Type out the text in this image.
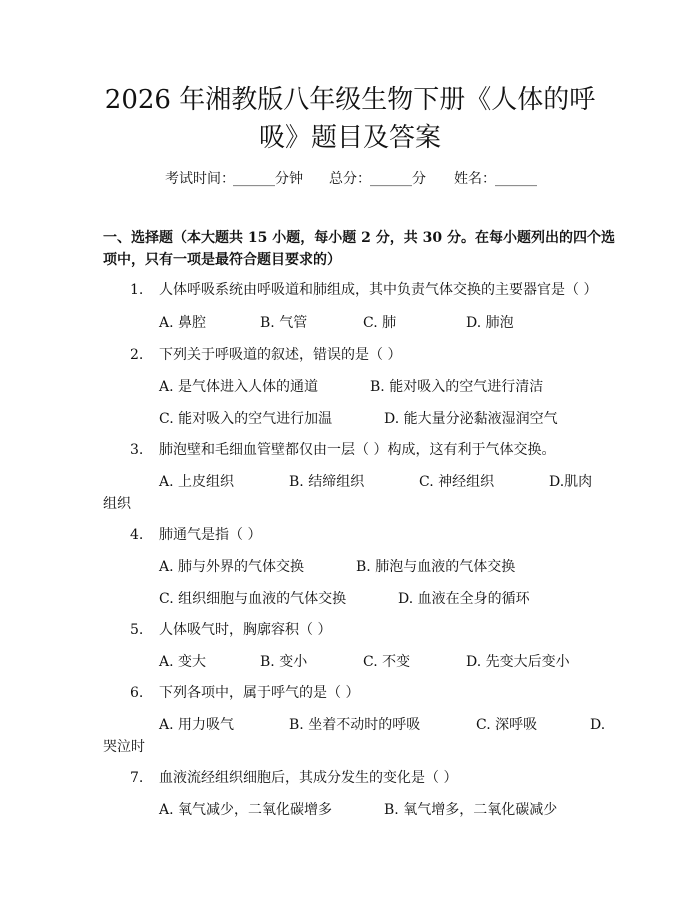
2026 年湘教版八年级生物下册《人体的呼
吸》题目及答案
考试时间：
______ 分钟 总分： ______ 分 姓名： ______
一、选择题（本大题共 15 小题，每小题 2 分，共 30 分。在每小题列出的四个选
项中，只有一项是最符合题目要求的）
1. 人体呼吸系统由呼吸道和肺组成，其中负责气体交换的主要器官是（ ）
A. 鼻腔	B. 气管	C. 肺	D. 肺泡
2. 下列关于呼吸道的叙述，错误的是（ ）
A. 是气体进入人体的通道	B. 能对吸入的空气进行清洁
C. 能对吸入的空气进行加温	D. 能大量分泌黏液湿润空气
3. 肺泡壁和毛细血管壁都仅由一层（ ）构成，这有利于气体交换。
A. 上皮组织	B. 结缔组织	C. 神经组织	D.肌肉
组织
4. 肺通气是指（ ）
A. 肺与外界的气体交换	B. 肺泡与血液的气体交换
C. 组织细胞与血液的气体交换	D. 血液在全身的循环
5. 人体吸气时，胸廓容积（ ）
A. 变大	B. 变小	C. 不变	D. 先变大后变小
6. 下列各项中，属于呼气的是（ ）
A. 用力吸气	B. 坐着不动时的呼吸	C. 深呼吸	D.
哭泣时
7. 血液流经组织细胞后，其成分发生的变化是（ ）
A. 氧气减少，二氧化碳增多	B. 氧气增多，二氧化碳减少
